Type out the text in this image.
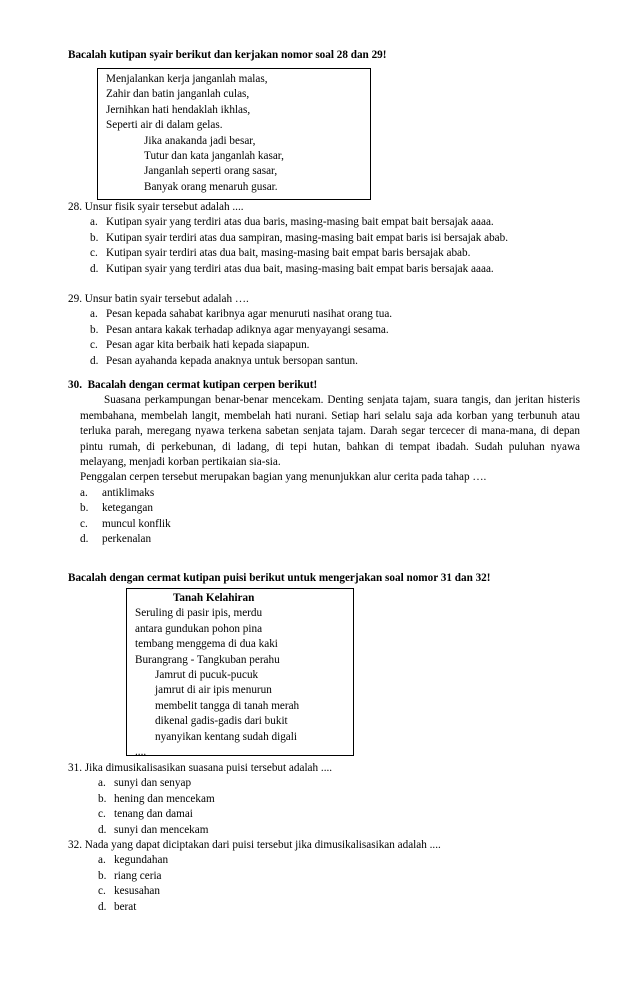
Bacalah kutipan syair berikut dan kerjakan nomor soal 28 dan 29!
Menjalankan kerja janganlah malas,
Zahir dan batin janganlah culas,
Jernihkan hati hendaklah ikhlas,
Seperti air di dalam gelas.
Jika anakanda jadi besar,
Tutur dan kata janganlah kasar,
Janganlah seperti orang sasar,
Banyak orang menaruh gusar.
28. Unsur fisik syair tersebut adalah ....
a. Kutipan syair yang terdiri atas dua baris, masing-masing bait empat bait bersajak aaaa.
b. Kutipan syair terdiri atas dua sampiran, masing-masing bait empat baris isi bersajak abab.
c. Kutipan syair terdiri atas dua bait, masing-masing bait empat baris bersajak abab.
d. Kutipan syair yang terdiri atas dua bait, masing-masing bait empat baris bersajak aaaa.
29. Unsur batin syair tersebut adalah ….
a. Pesan kepada sahabat karibnya agar menuruti nasihat orang tua.
b. Pesan antara kakak terhadap adiknya agar menyayangi sesama.
c. Pesan agar kita berbaik hati kepada siapapun.
d. Pesan ayahanda kepada anaknya untuk bersopan santun.
30. Bacalah dengan cermat kutipan cerpen berikut!

Suasana perkampungan benar-benar mencekam. Denting senjata tajam, suara tangis, dan jeritan histeris membahana, membelah langit, membelah hati nurani. Setiap hari selalu saja ada korban yang terbunuh atau terluka parah, meregang nyawa terkena sabetan senjata tajam. Darah segar tercecer di mana-mana, di depan pintu rumah, di perkebunan, di ladang, di tepi hutan, bahkan di tempat ibadah. Sudah puluhan nyawa melayang, menjadi korban pertikaian sia-sia.

Penggalan cerpen tersebut merupakan bagian yang menunjukkan alur cerita pada tahap ….

a.	antiklimaks
b.	ketegangan
c.	muncul konflik
d.	perkenalan
Bacalah dengan cermat kutipan puisi berikut untuk mengerjakan soal nomor 31 dan 32!
Tanah Kelahiran
Seruling di pasir ipis, merdu
antara gundukan pohon pina
tembang menggema di dua kaki
Burangrang - Tangkuban perahu
Jamrut di pucuk-pucuk
jamrut di air ipis menurun
membelit tangga di tanah merah
dikenal gadis-gadis dari bukit
nyanyikan kentang sudah digali
....
31. Jika dimusikalisasikan suasana puisi tersebut adalah ....
a. sunyi dan senyap
b. hening dan mencekam
c. tenang dan damai
d. sunyi dan mencekam
32. Nada yang dapat diciptakan dari puisi tersebut jika dimusikalisasikan adalah ....
a. kegundahan
b. riang ceria
c. kesusahan
d. berat
